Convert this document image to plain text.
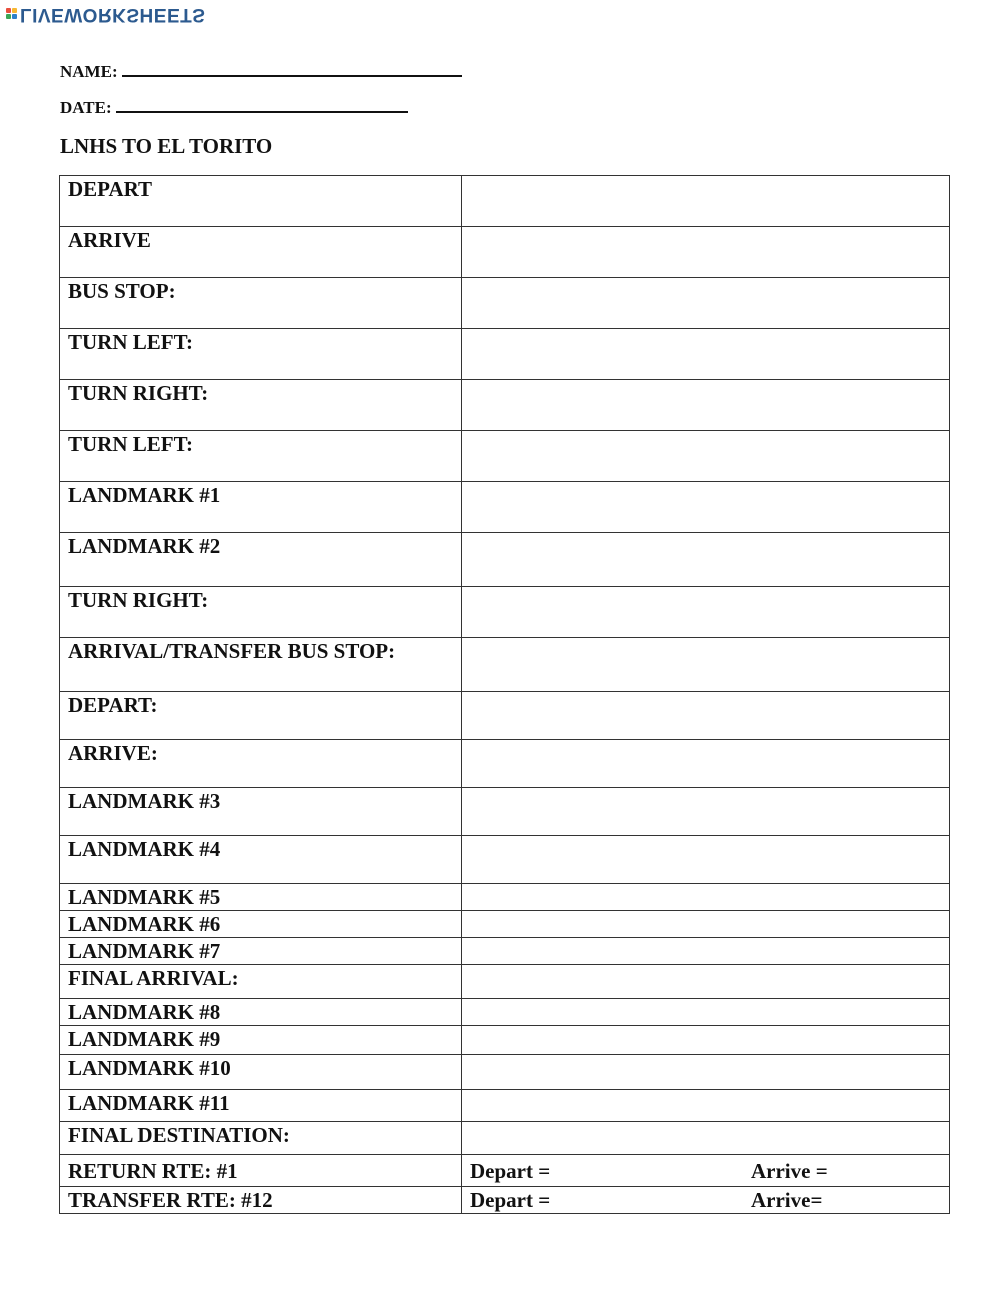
LIVEWORKSHEETS
NAME:
DATE:
LNHS TO EL TORITO
DEPART	
ARRIVE	
BUS STOP:	
TURN LEFT:	
TURN RIGHT:	
TURN LEFT:	
LANDMARK #1	
LANDMARK #2	
TURN RIGHT:	
ARRIVAL/TRANSFER BUS STOP:	
DEPART:	
ARRIVE:	
LANDMARK #3	
LANDMARK #4	
LANDMARK #5	
LANDMARK #6	
LANDMARK #7	
FINAL ARRIVAL:	
LANDMARK #8	
LANDMARK #9	
LANDMARK #10	
LANDMARK #11	
FINAL DESTINATION:	
RETURN RTE: #1	Depart = Arrive =
TRANSFER RTE: #12	Depart = Arrive=
